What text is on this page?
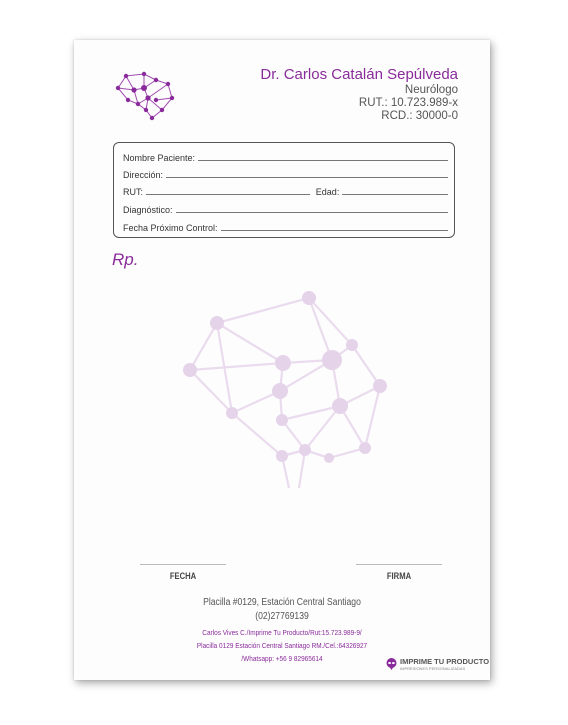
Dr. Carlos Catalán Sepúlveda
Neurólogo
RUT.: 10.723.989-x
RCD.: 30000-0
Nombre Paciente:
Dirección:
RUT:	Edad:
Diagnóstico:
Fecha Próximo Control:
Rp.
FECHA	FIRMA
Placilla #0129, Estación Central Santiago
(02)27769139
Carlos Vives C./Imprime Tu Producto/Rut:15.723.989-9/
Placilla 0129 Estación Central Santiago RM./Cel.:64326927
/Whatsapp: +56 9 82965614	IMPRIME TU PRODUCTO
IMPRESIONES PERSONALIZADAS
